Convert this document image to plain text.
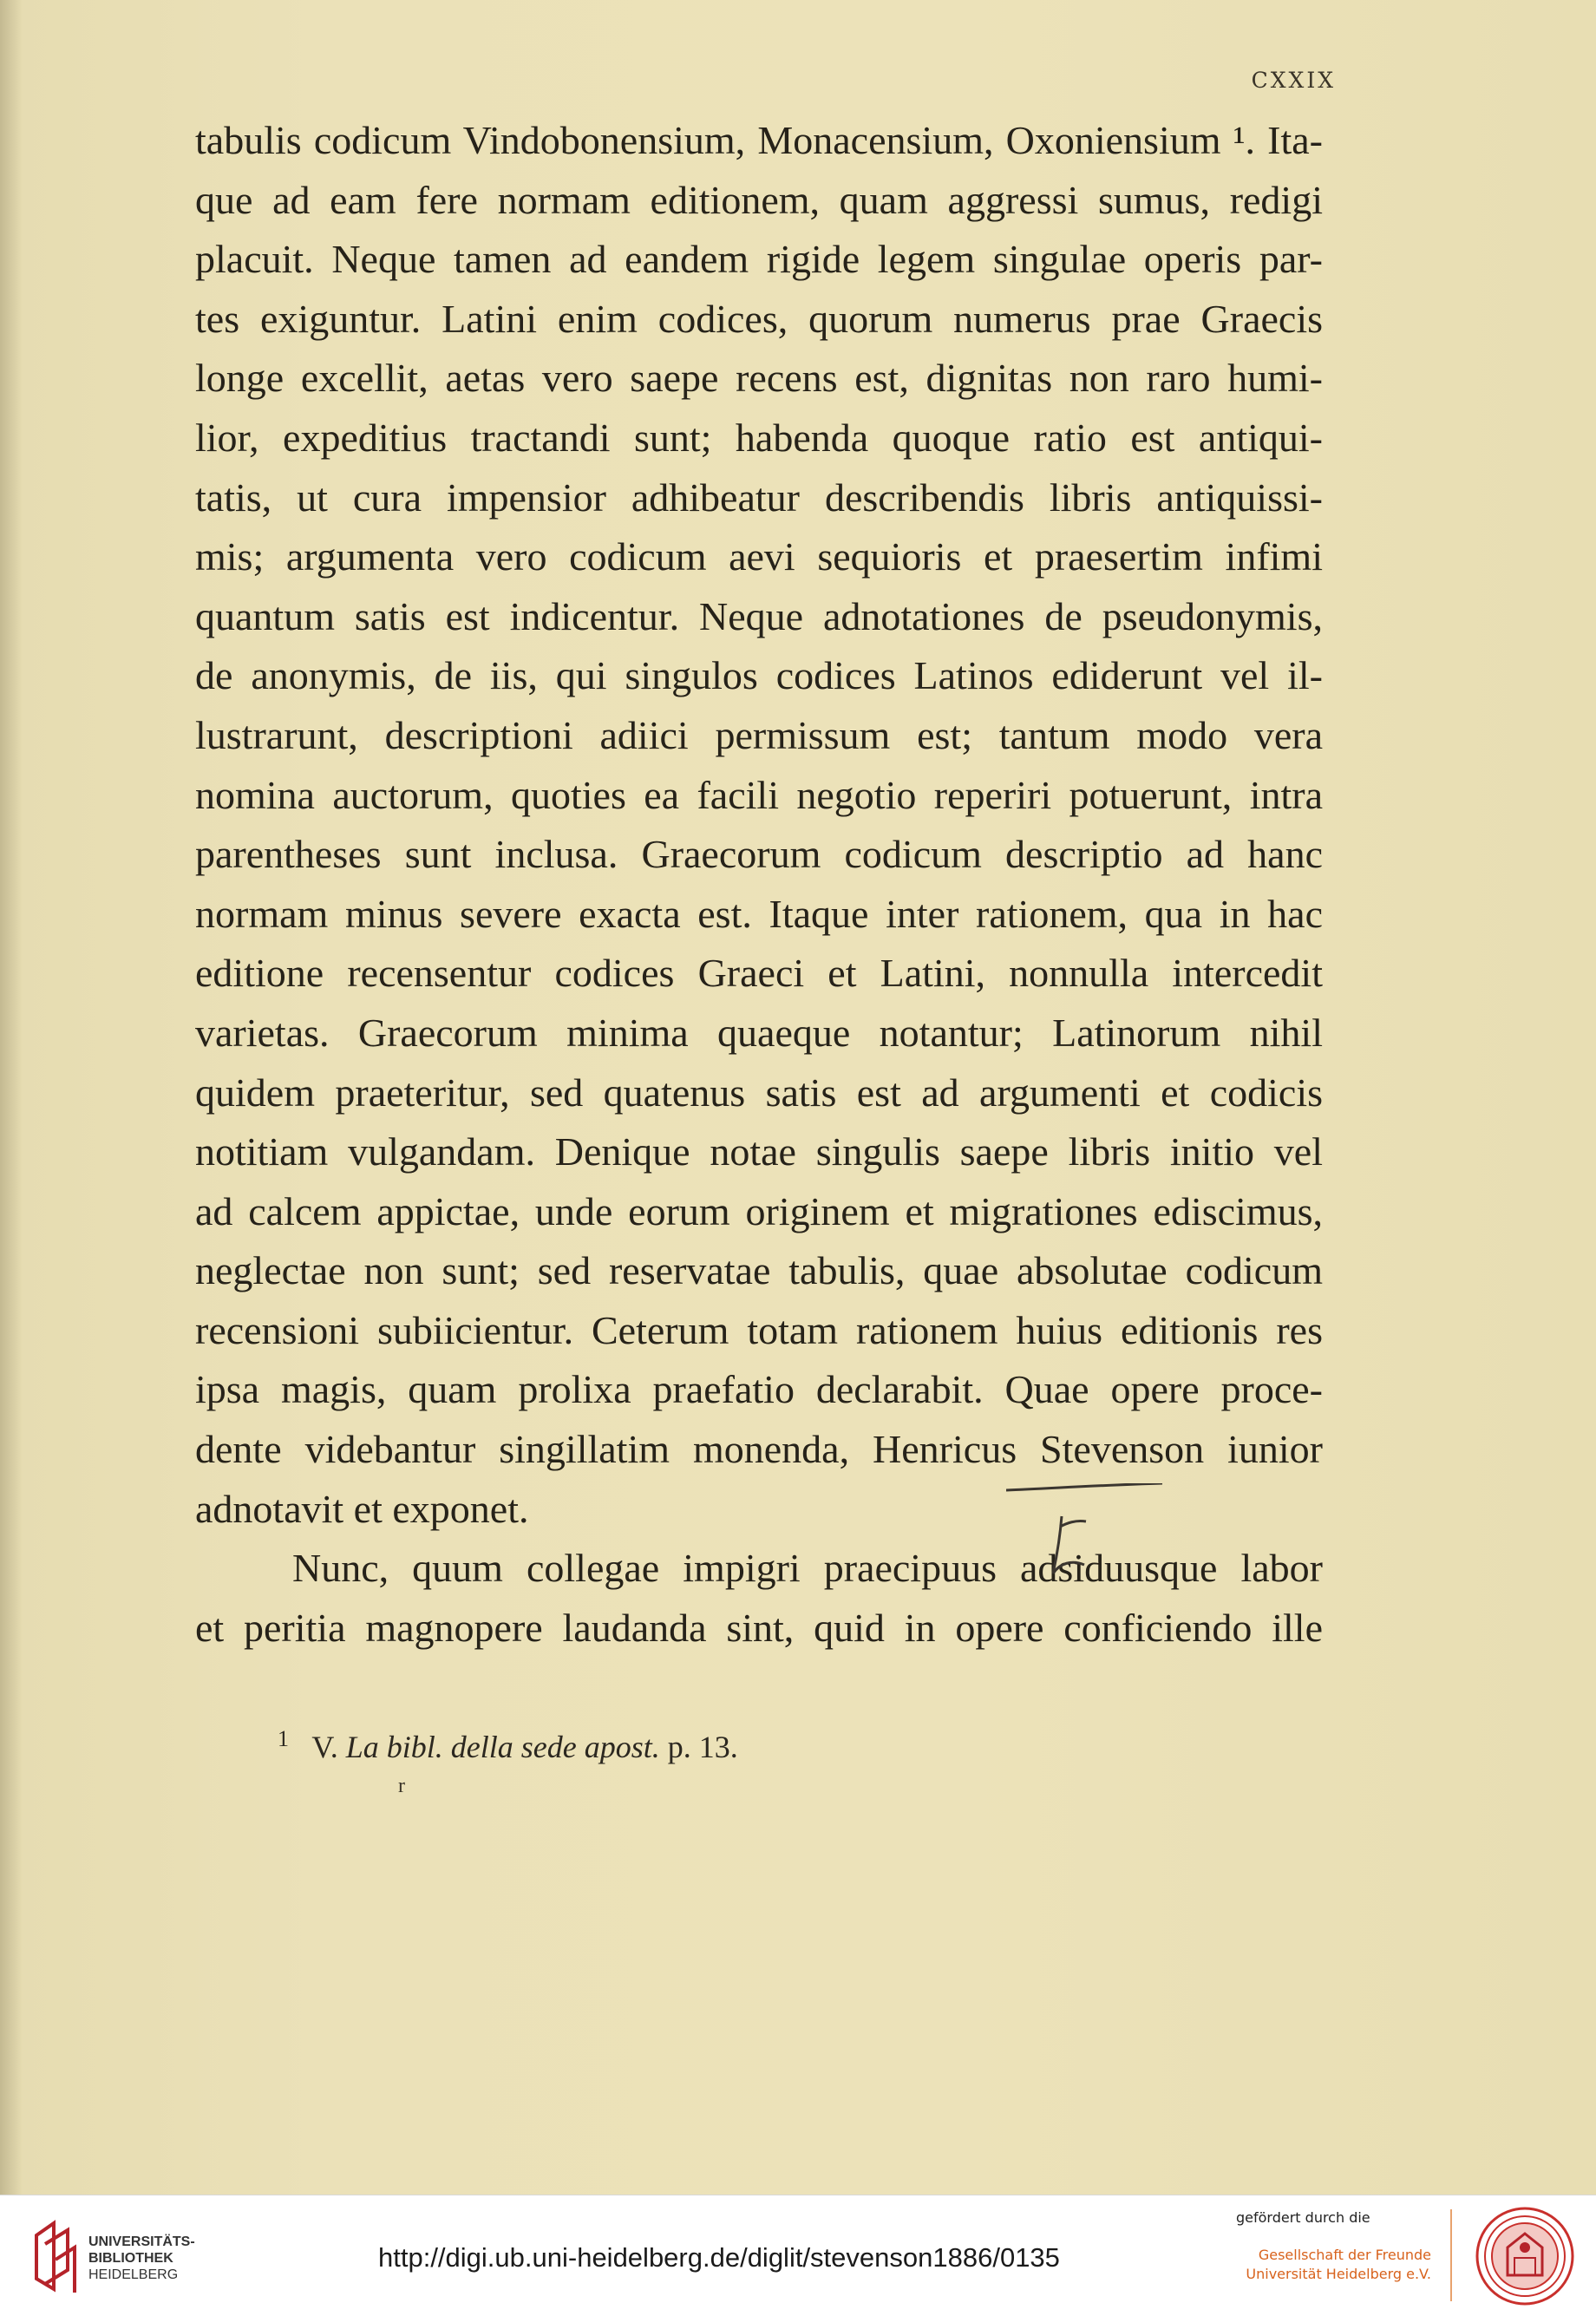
CXXIX
tabulis codicum Vindobonensium, Monacensium, Oxoniensium ¹. Ita-
que ad eam fere normam editionem, quam aggressi sumus, redigi
placuit. Neque tamen ad eandem rigide legem singulae operis par-
tes exiguntur. Latini enim codices, quorum numerus prae Graecis
longe excellit, aetas vero saepe recens est, dignitas non raro humi-
lior, expeditius tractandi sunt; habenda quoque ratio est antiqui-
tatis, ut cura impensior adhibeatur describendis libris antiquissi-
mis; argumenta vero codicum aevi sequioris et praesertim infimi
quantum satis est indicentur. Neque adnotationes de pseudonymis,
de anonymis, de iis, qui singulos codices Latinos ediderunt vel il-
lustrarunt, descriptioni adiici permissum est; tantum modo vera
nomina auctorum, quoties ea facili negotio reperiri potuerunt, intra
parentheses sunt inclusa. Graecorum codicum descriptio ad hanc
normam minus severe exacta est. Itaque inter rationem, qua in hac
editione recensentur codices Graeci et Latini, nonnulla intercedit
varietas. Graecorum minima quaeque notantur; Latinorum nihil
quidem praeteritur, sed quatenus satis est ad argumenti et codicis
notitiam vulgandam. Denique notae singulis saepe libris initio vel
ad calcem appictae, unde eorum originem et migrationes ediscimus,
neglectae non sunt; sed reservatae tabulis, quae absolutae codicum
recensioni subiicientur. Ceterum totam rationem huius editionis res
ipsa magis, quam prolixa praefatio declarabit. Quae opere proce-
dente videbantur singillatim monenda, Henricus Stevenson iunior
adnotavit et exponet.
Nunc, quum collegae impigri praecipuus adsiduusque labor
et peritia magnopere laudanda sint, quid in opere conficiendo ille
$^1$ V. La bibl. della sede apost. p. 13.
r
UNIVERSITÄTS-
BIBLIOTHEK
HEIDELBERG
http://digi.ub.uni-heidelberg.de/diglit/stevenson1886/0135
gefördert durch die
Gesellschaft der Freunde
Universität Heidelberg e.V.
